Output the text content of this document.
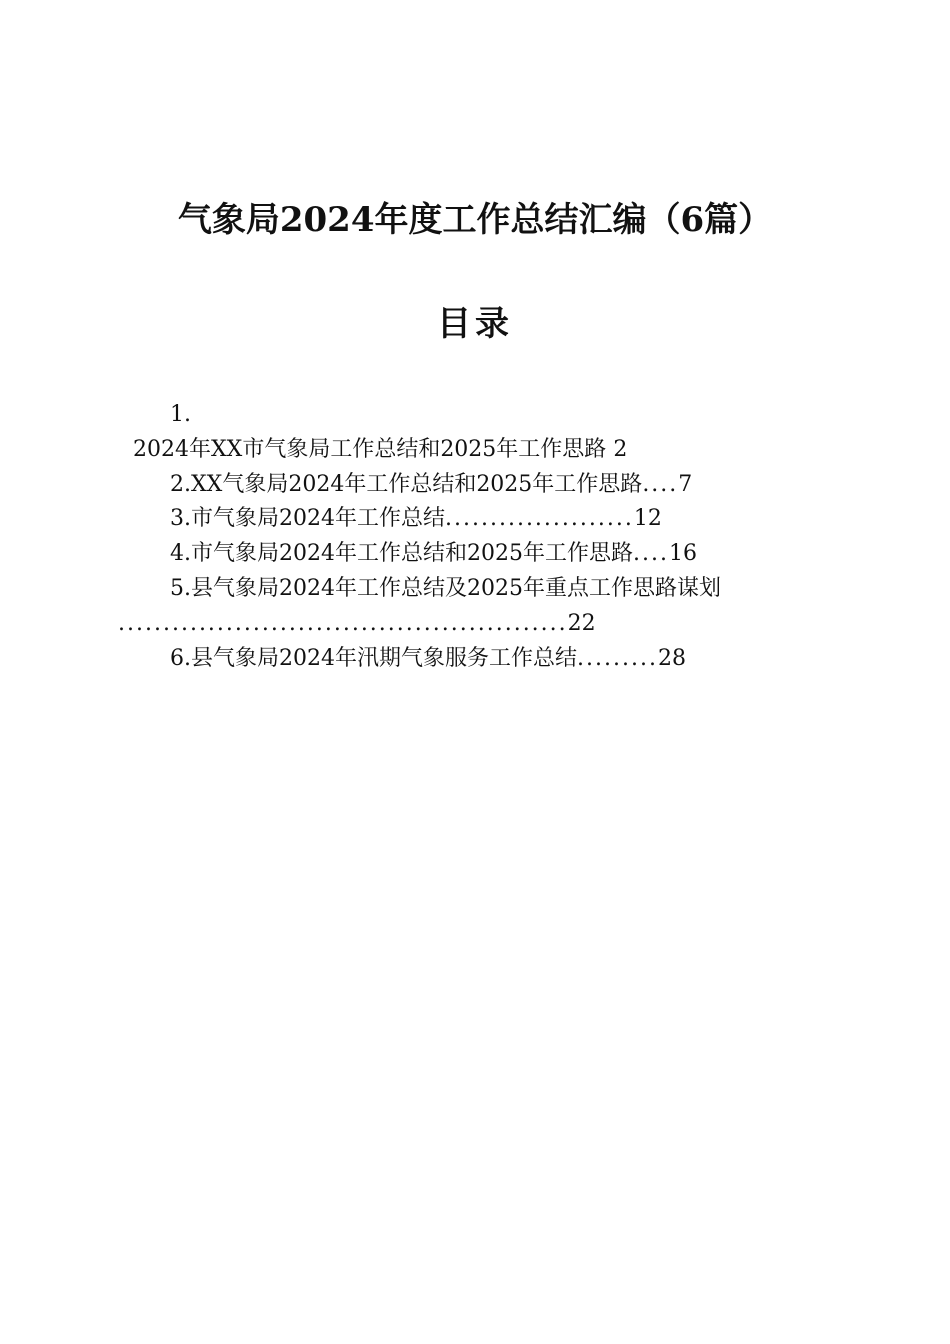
气象局2024年度工作总结汇编（6篇）
目录
1.
2024年XX市气象局工作总结和2025年工作思路 2
2.XX气象局2024年工作总结和2025年工作思路....7
3.市气象局2024年工作总结.....................12
4.市气象局2024年工作总结和2025年工作思路....16
5.县气象局2024年工作总结及2025年重点工作思路谋划
..................................................22
6.县气象局2024年汛期气象服务工作总结.........28
